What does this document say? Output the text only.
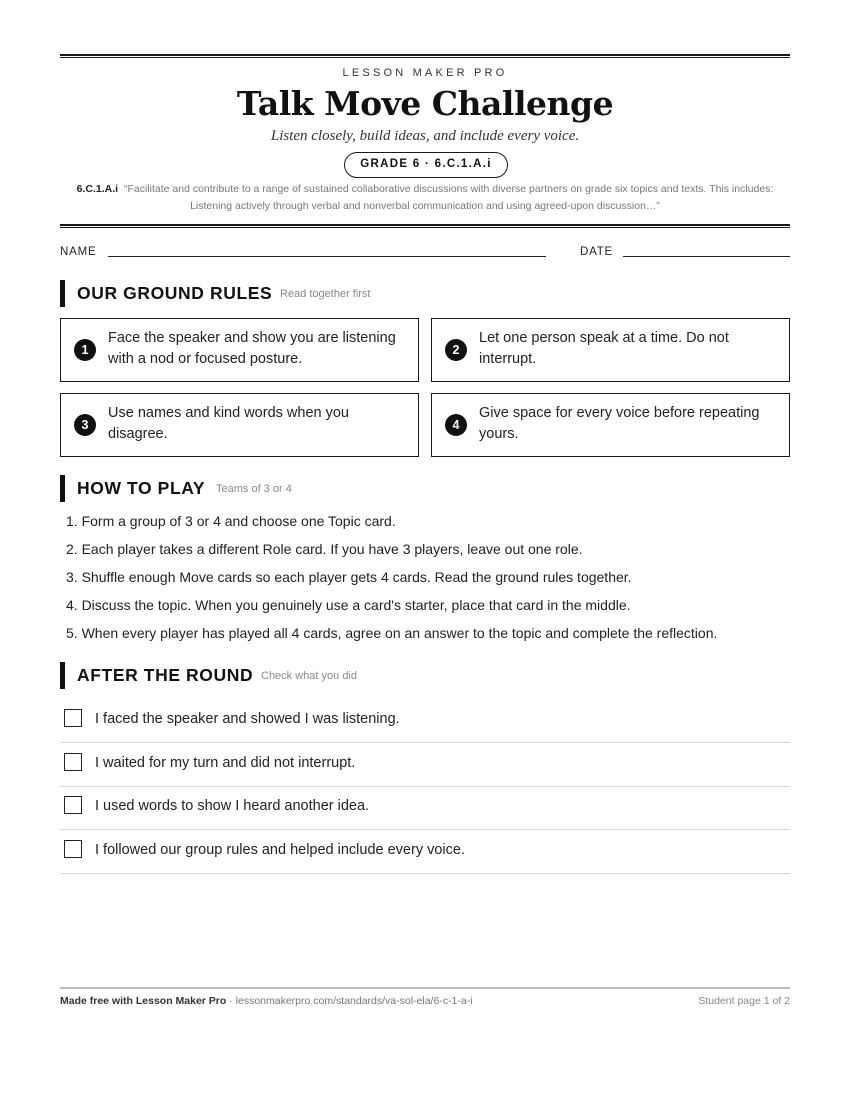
LESSON MAKER PRO
Talk Move Challenge
Listen closely, build ideas, and include every voice.
GRADE 6 · 6.C.1.A.i
6.C.1.A.i “Facilitate and contribute to a range of sustained collaborative discussions with diverse partners on grade six topics and texts. This includes: Listening actively through verbal and nonverbal communication and using agreed-upon discussion…”
NAME	DATE
OUR GROUND RULES Read together first
1
Face the speaker and show you are listening with a nod or focused posture.
2
Let one person speak at a time. Do not interrupt.
3
Use names and kind words when you disagree.
4
Give space for every voice before repeating yours.
HOW TO PLAY Teams of 3 or 4
1. Form a group of 3 or 4 and choose one Topic card.
2. Each player takes a different Role card. If you have 3 players, leave out one role.
3. Shuffle enough Move cards so each player gets 4 cards. Read the ground rules together.
4. Discuss the topic. When you genuinely use a card's starter, place that card in the middle.
5. When every player has played all 4 cards, agree on an answer to the topic and complete the reflection.
AFTER THE ROUND Check what you did
I faced the speaker and showed I was listening.
I waited for my turn and did not interrupt.
I used words to show I heard another idea.
I followed our group rules and helped include every voice.
Made free with Lesson Maker Pro · lessonmakerpro.com/standards/va-sol-ela/6-c-1-a-i	Student page 1 of 2
